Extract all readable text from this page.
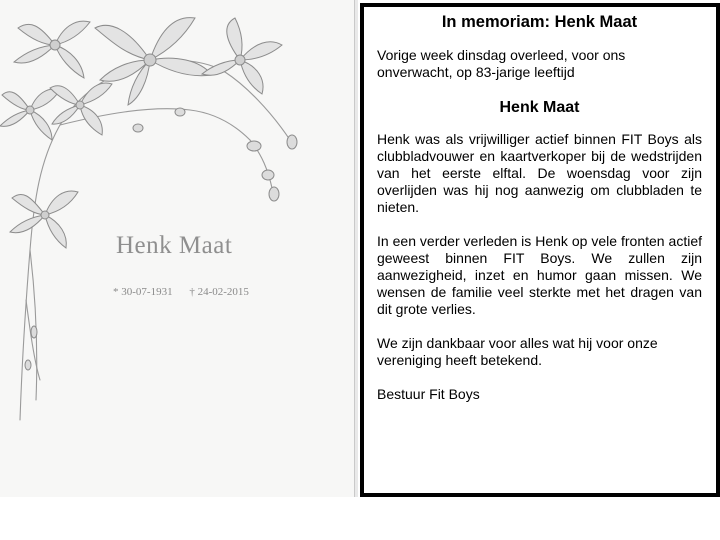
Henk Maat
* 30-07-1931 † 24-02-2015
In memoriam: Henk Maat

Vorige week dinsdag overleed, voor ons onverwacht, op 83-jarige leeftijd

Henk Maat

Henk was als vrijwilliger actief binnen FIT Boys als clubbladvouwer en kaartverkoper bij de wedstrijden van het eerste elftal. De woensdag voor zijn overlijden was hij nog aanwezig om clubbladen te nieten.

In een verder verleden is Henk op vele fronten actief geweest binnen FIT Boys. We zullen zijn aanwezigheid, inzet en humor gaan missen. We wensen de familie veel sterkte met het dragen van dit grote verlies.

We zijn dankbaar voor alles wat hij voor onze vereniging heeft betekend.

Bestuur Fit Boys
